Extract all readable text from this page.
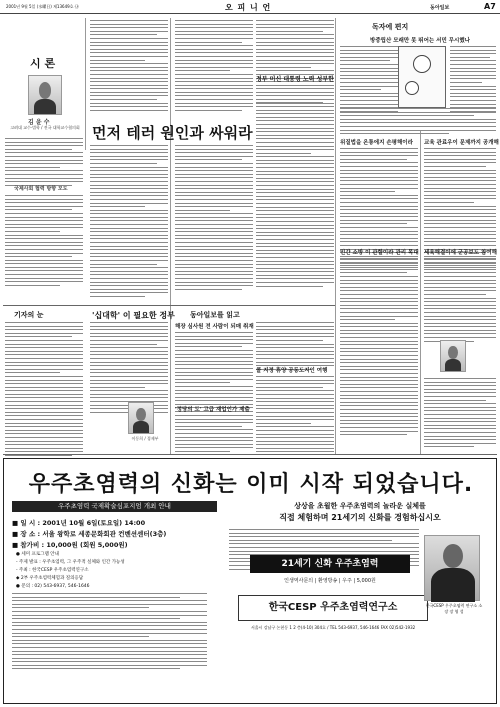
2001년 9월 5일 (水曜日) 제13649호 ㉯	오 피 니 언	동아일보	A7
시 론
김 윤 수
고려대 교수·법학 / 전국 대학교수협의회
국제사회 협력 방향 모도
먼저 테러 원인과 싸워라
정부 미신 대통령 노력 성부한
독자에 편지
방중립산 모래만 못 뛰어는 서민 무시했나
위질법을 온통에지 손평해이라
민간 소방 이 관할이라 관리 목대
교육 관료우이 문제까지 공개해
세육해결이에 군공보도 참여해
기자의 눈	'십대학' 이 필요한 정부
이동희 / 경제부
동아일보를 읽고
해장 심사원 전 사람이 되매 취재
'정당의 도' 고급 재업인가 제출
콜 지정 휴양 공동도지인 여행
우주초염력의 신화는 이미 시작 되었습니다.
우주초염력 국제확술심포지엄 개최 안내
■ 일 시 : 2001년 10월 6일(토요일) 14:00
■ 장 소 : 서울 왕학로 세종문화회관 컨벤션센터(3층)
■ 참가비 : 10,000원 (회원 5,000원)
● 세미 프로그램 안내
- 주제 발표 : 우주초염력, 그 우주적 실체와 인간 가능성
- 주최 : 한국CESP 우주초염력연구소
◆ 2부 우주초염력체험과 질의응답
● 문의 : 02) 543-6937, 546-1646
상상을 초월한 우주초염력의 놀라운 실체를
직접 체험하며 21세기의 신화를 경험하십시오
21세기 신화 우주초염력
인생역사문의 | 환영방송 | 우주 | 5,000원
한국CESP 우주초염력연구소
서울시 강남구 논현동 1 2 층(4-10) 304호 / TEL 543-6937, 546-1646 FAX 02)542-1932
한국CESP 우주초염력 연구소 소장 장 영 성
